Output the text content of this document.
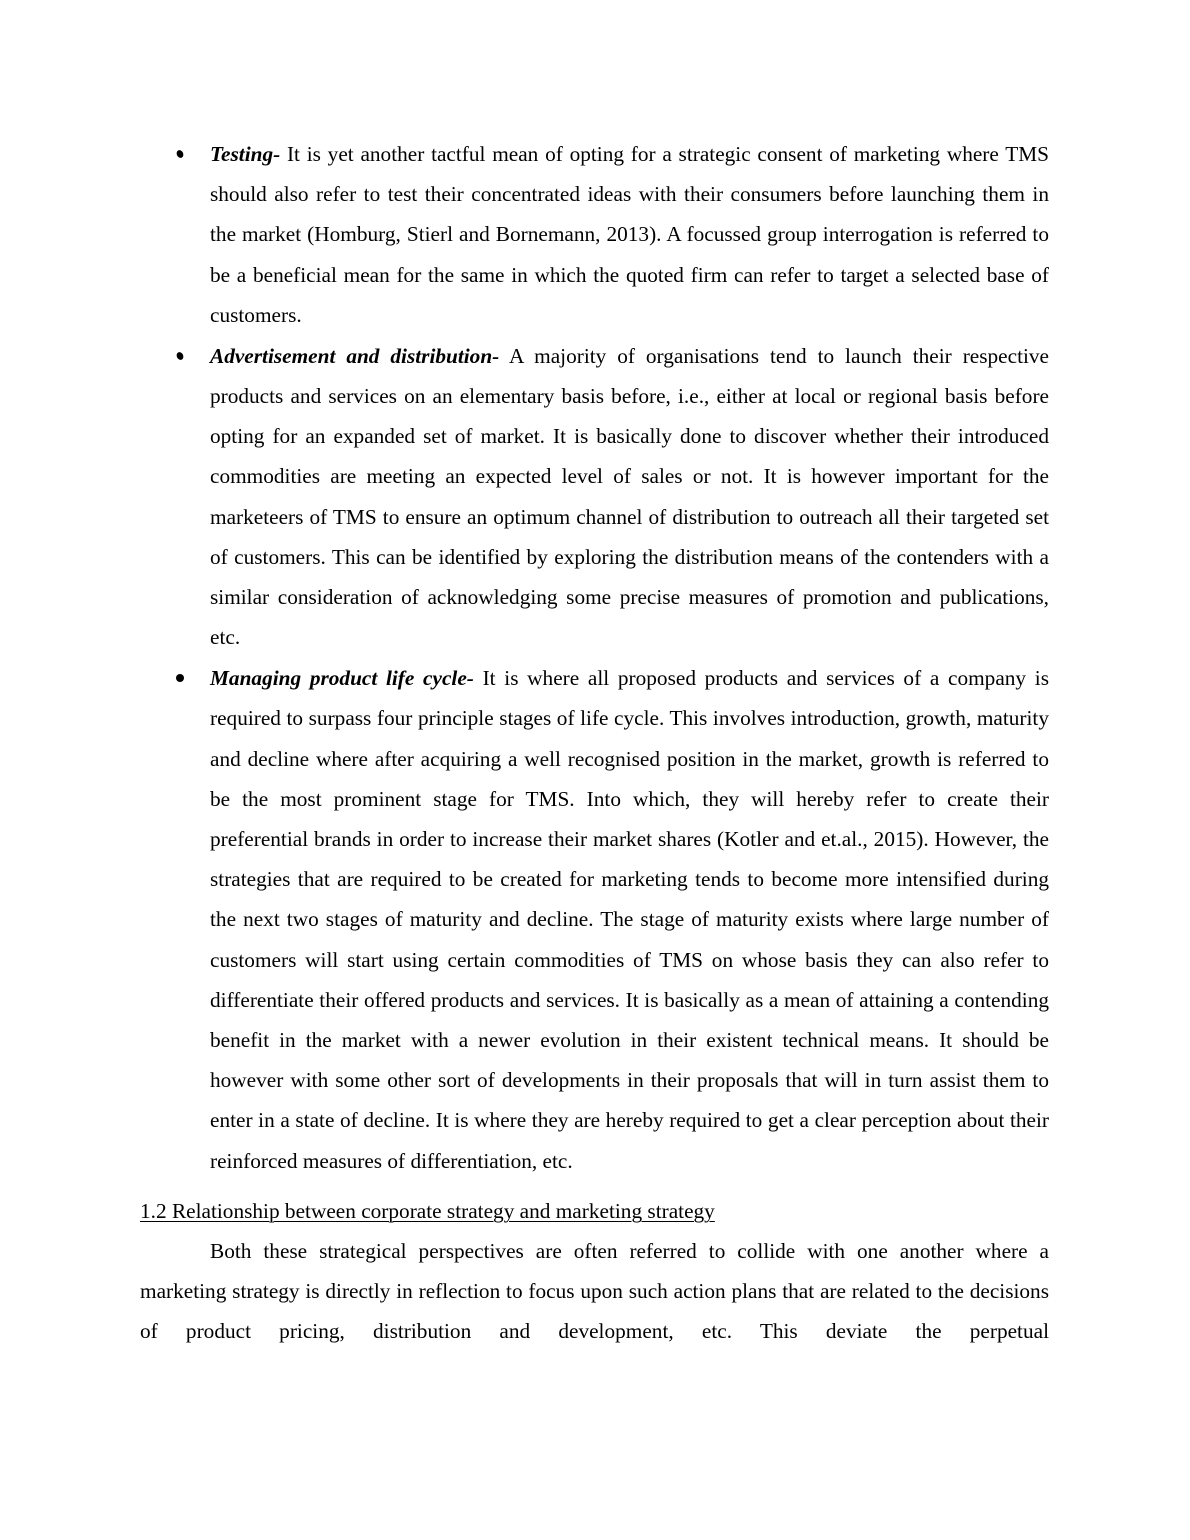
Testing- It is yet another tactful mean of opting for a strategic consent of marketing where TMS should also refer to test their concentrated ideas with their consumers before launching them in the market (Homburg, Stierl and Bornemann, 2013). A focussed group interrogation is referred to be a beneficial mean for the same in which the quoted firm can refer to target a selected base of customers.
Advertisement and distribution- A majority of organisations tend to launch their respective products and services on an elementary basis before, i.e., either at local or regional basis before opting for an expanded set of market. It is basically done to discover whether their introduced commodities are meeting an expected level of sales or not. It is however important for the marketeers of TMS to ensure an optimum channel of distribution to outreach all their targeted set of customers. This can be identified by exploring the distribution means of the contenders with a similar consideration of acknowledging some precise measures of promotion and publications, etc.
Managing product life cycle- It is where all proposed products and services of a company is required to surpass four principle stages of life cycle. This involves introduction, growth, maturity and decline where after acquiring a well recognised position in the market, growth is referred to be the most prominent stage for TMS. Into which, they will hereby refer to create their preferential brands in order to increase their market shares (Kotler and et.al., 2015). However, the strategies that are required to be created for marketing tends to become more intensified during the next two stages of maturity and decline. The stage of maturity exists where large number of customers will start using certain commodities of TMS on whose basis they can also refer to differentiate their offered products and services. It is basically as a mean of attaining a contending benefit in the market with a newer evolution in their existent technical means. It should be however with some other sort of developments in their proposals that will in turn assist them to enter in a state of decline. It is where they are hereby required to get a clear perception about their reinforced measures of differentiation, etc.
1.2 Relationship between corporate strategy and marketing strategy

Both these strategical perspectives are often referred to collide with one another where a marketing strategy is directly in reflection to focus upon such action plans that are related to the decisions of product pricing, distribution and development, etc. This deviate the perpetual
